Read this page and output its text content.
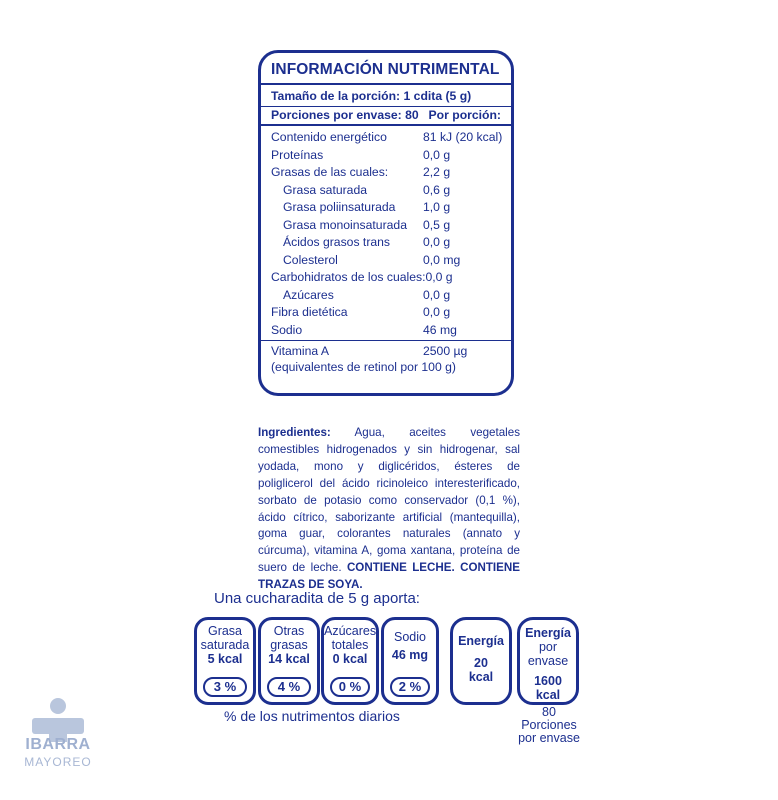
INFORMACIÓN NUTRIMENTAL
Tamaño de la porción: 1 cdita (5 g)
Porciones por envase: 80 Por porción:
Contenido energético	81 kJ (20 kcal)
Proteínas	0,0 g
Grasas de las cuales:	2,2 g
Grasa saturada	0,6 g
Grasa poliinsaturada 1,0 g
Grasa monoinsaturada 0,5 g
Ácidos grasos trans	0,0 g
Colesterol	0,0 mg
Carbohidratos de los cuales: 0,0 g
Azúcares	0,0 g
Fibra dietética	0,0 g
Sodio	46 mg
Vitamina A	2500 µg
(equivalentes de retinol por 100 g)
Ingredientes: Agua, aceites vegetales comestibles hidrogenados y sin hidrogenar, sal yodada, mono y diglicéridos, ésteres de poliglicerol del ácido ricinoleico interesterificado, sorbato de potasio como conservador (0,1 %), ácido cítrico, saborizante artificial (mantequilla), goma guar, colorantes naturales (annato y cúrcuma), vitamina A, goma xantana, proteína de suero de leche. CONTIENE LECHE. CONTIENE TRAZAS DE SOYA.
Una cucharadita de 5 g aporta:
Grasa
saturada
5 kcal
3 %
Otras
grasas
14 kcal
4 %
Azúcares
totales
0 kcal
0 %
Sodio
46 mg
2 %
Energía
20
kcal
Energía
por envase
1600
kcal
% de los nutrimentos diarios	80
Porciones
por envase
IBARRA
MAYOREO
